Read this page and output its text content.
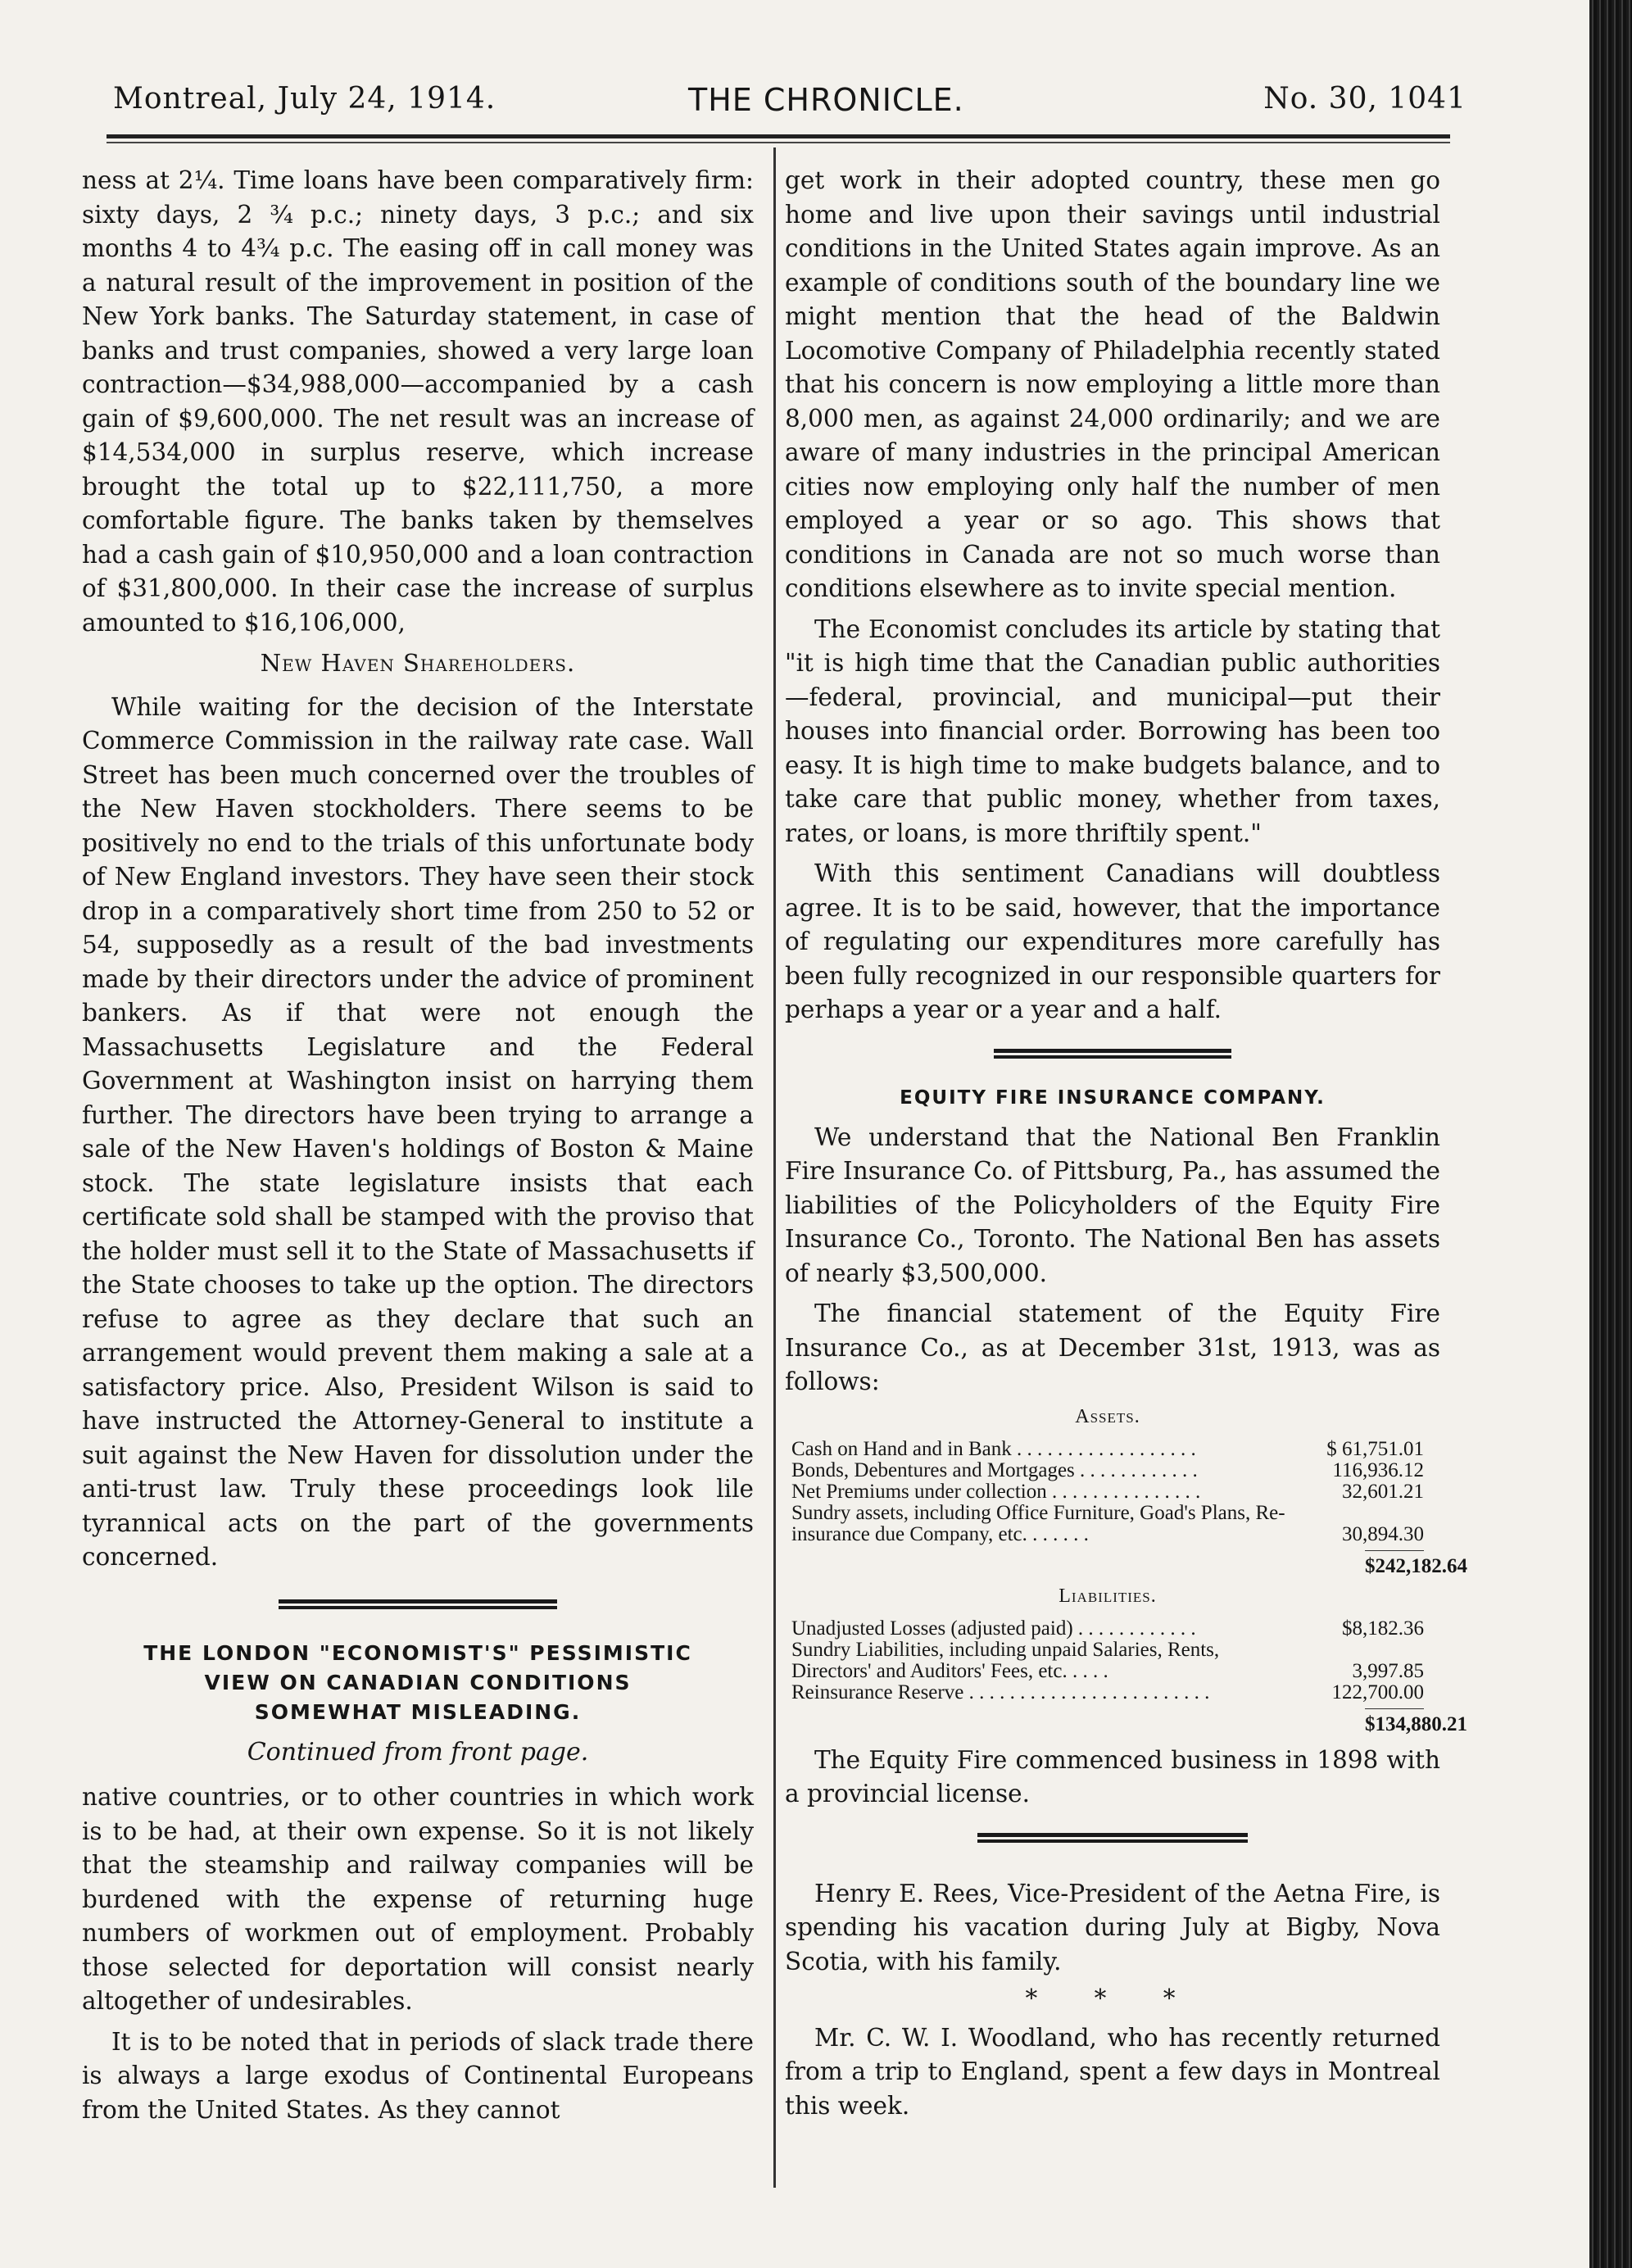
Montreal, July 24, 1914.	THE CHRONICLE.	No. 30, 1041

ness at 2¼. Time loans have been comparatively firm: sixty days, 2 ¾ p.c.; ninety days, 3 p.c.; and six months 4 to 4¾ p.c. The easing off in call money was a natural result of the improvement in position of the New York banks. The Saturday statement, in case of banks and trust companies, showed a very large loan contraction—$34,988,000—accompanied by a cash gain of $9,600,000. The net result was an increase of $14,534,000 in surplus reserve, which increase brought the total up to $22,111,750, a more comfortable figure. The banks taken by themselves had a cash gain of $10,950,000 and a loan contraction of $31,800,000. In their case the increase of surplus amounted to $16,106,000,

New Haven Shareholders.

While waiting for the decision of the Interstate Commerce Commission in the railway rate case. Wall Street has been much concerned over the troubles of the New Haven stockholders. There seems to be positively no end to the trials of this unfortunate body of New England investors. They have seen their stock drop in a comparatively short time from 250 to 52 or 54, supposedly as a result of the bad investments made by their directors under the advice of prominent bankers. As if that were not enough the Massachusetts Legislature and the Federal Government at Washington insist on harrying them further. The directors have been trying to arrange a sale of the New Haven's holdings of Boston & Maine stock. The state legislature insists that each certificate sold shall be stamped with the proviso that the holder must sell it to the State of Massachusetts if the State chooses to take up the option. The directors refuse to agree as they declare that such an arrangement would prevent them making a sale at a satisfactory price. Also, President Wilson is said to have instructed the Attorney-General to institute a suit against the New Haven for dissolution under the anti-trust law. Truly these proceedings look lile tyrannical acts on the part of the governments concerned.

THE LONDON "ECONOMIST'S" PESSIMISTIC
VIEW ON CANADIAN CONDITIONS
SOMEWHAT MISLEADING.
Continued from front page.

native countries, or to other countries in which work is to be had, at their own expense. So it is not likely that the steamship and railway companies will be burdened with the expense of returning huge numbers of workmen out of employment. Probably those selected for deportation will consist nearly altogether of undesirables.

It is to be noted that in periods of slack trade there is always a large exodus of Continental Europeans from the United States. As they cannot

get work in their adopted country, these men go home and live upon their savings until industrial conditions in the United States again improve. As an example of conditions south of the boundary line we might mention that the head of the Baldwin Locomotive Company of Philadelphia recently stated that his concern is now employing a little more than 8,000 men, as against 24,000 ordinarily; and we are aware of many industries in the principal American cities now employing only half the number of men employed a year or so ago. This shows that conditions in Canada are not so much worse than conditions elsewhere as to invite special mention.

The Economist concludes its article by stating that "it is high time that the Canadian public authorities—federal, provincial, and municipal—put their houses into financial order. Borrowing has been too easy. It is high time to make budgets balance, and to take care that public money, whether from taxes, rates, or loans, is more thriftily spent."

With this sentiment Canadians will doubtless agree. It is to be said, however, that the importance of regulating our expenditures more carefully has been fully recognized in our responsible quarters for perhaps a year or a year and a half.

EQUITY FIRE INSURANCE COMPANY.

We understand that the National Ben Franklin Fire Insurance Co. of Pittsburg, Pa., has assumed the liabilities of the Policyholders of the Equity Fire Insurance Co., Toronto. The National Ben has assets of nearly $3,500,000.

The financial statement of the Equity Fire Insurance Co., as at December 31st, 1913, was as follows:

Assets.
Cash on Hand and in Bank . . . . . . . . . . . . . . . . . .	$ 61,751.01
Bonds, Debentures and Mortgages . . . . . . . . . . . .	116,936.12
Net Premiums under collection . . . . . . . . . . . . . . .	32,601.21
Sundry assets, including Office Furniture, Goad's Plans, Re-insurance due Company, etc. . . . . . .	30,894.30
$242,182.64
Liabilities.
Unadjusted Losses (adjusted paid) . . . . . . . . . . . .	$8,182.36
Sundry Liabilities, including unpaid Salaries, Rents, Directors' and Auditors' Fees, etc. . . . .	3,997.85
Reinsurance Reserve . . . . . . . . . . . . . . . . . . . . . . . .	122,700.00
$134,880.21

The Equity Fire commenced business in 1898 with a provincial license.

Henry E. Rees, Vice-President of the Aetna Fire, is spending his vacation during July at Bigby, Nova Scotia, with his family.

* * *

Mr. C. W. I. Woodland, who has recently returned from a trip to England, spent a few days in Montreal this week.
